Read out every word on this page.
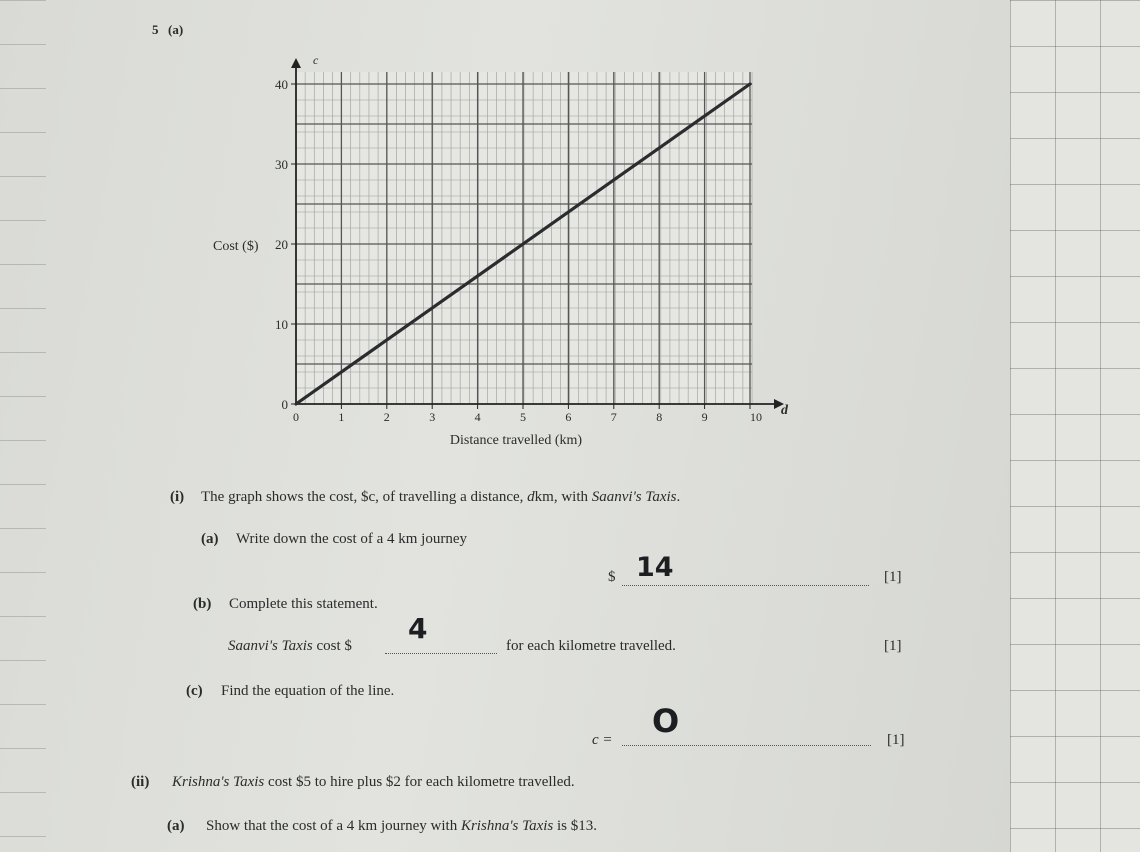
5 (a)
0	1	2	3	4	5	6	7	8	9	10
0
10
20
30
40
c
d
Cost ($)
Distance travelled (km)
(i) The graph shows the cost, $c, of travelling a distance, dkm, with Saanvi's Taxis.
(a) Write down the cost of a 4 km journey
$ 14	[1]
(b) Complete this statement.
Saanvi's Taxis cost $
4
for each kilometre travelled.	[1]
(c) Find the equation of the line.
c = O	[1]
(ii) Krishna's Taxis cost $5 to hire plus $2 for each kilometre travelled.
(a) Show that the cost of a 4 km journey with Krishna's Taxis is $13.
